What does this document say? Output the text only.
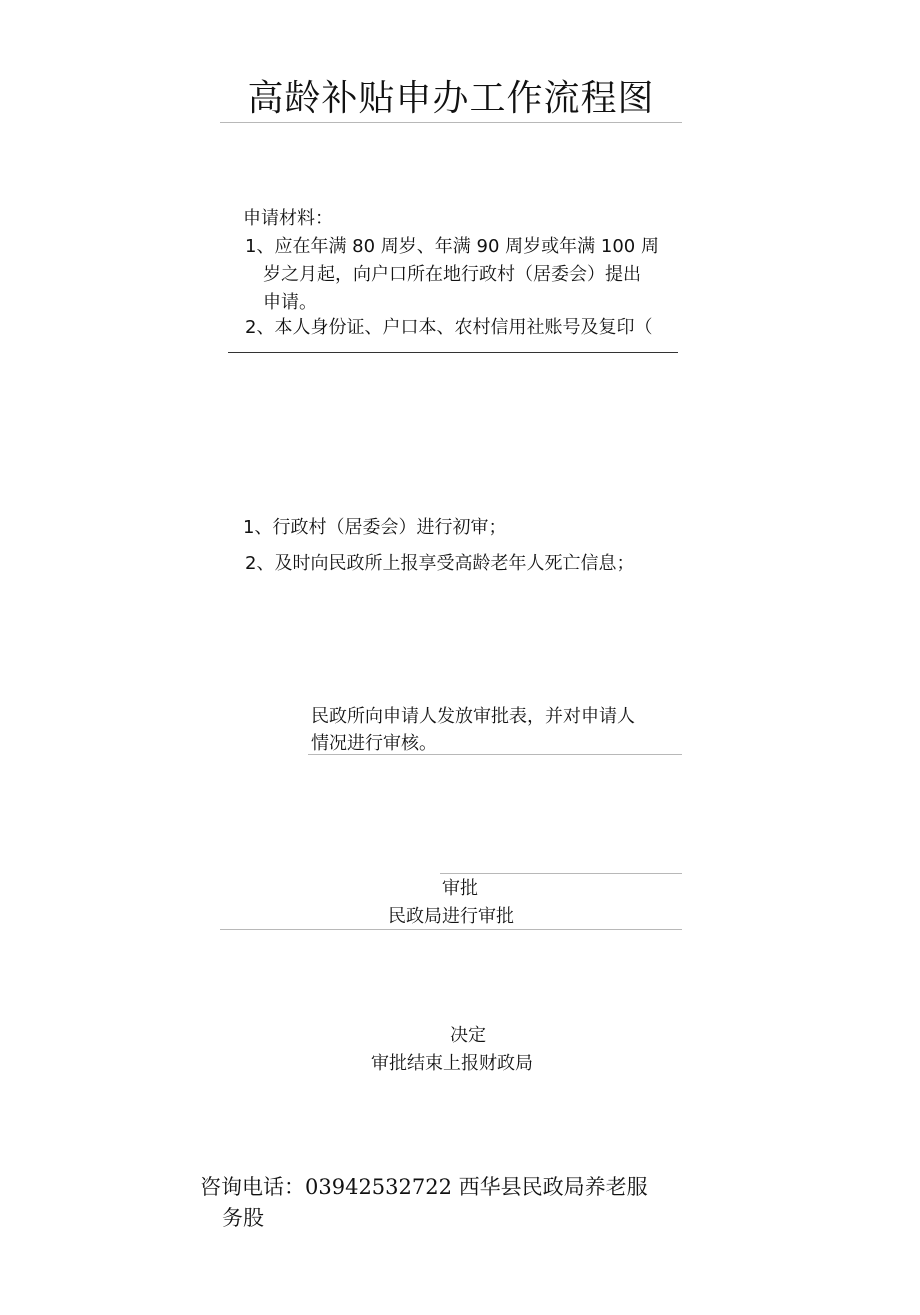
高龄补贴申办工作流程图
申请材料：
1、应在年满 80 周岁、年满 90 周岁或年满 100 周
岁之月起，向户口所在地行政村（居委会）提出
申请。
2、本人身份证、户口本、农村信用社账号及复印（
1、行政村（居委会）进行初审；
2、及时向民政所上报享受高龄老年人死亡信息；
民政所向申请人发放审批表，并对申请人
情况进行审核。
审批
民政局进行审批
决定
审批结束上报财政局
咨询电话：03942532722 西华县民政局养老服
务股
